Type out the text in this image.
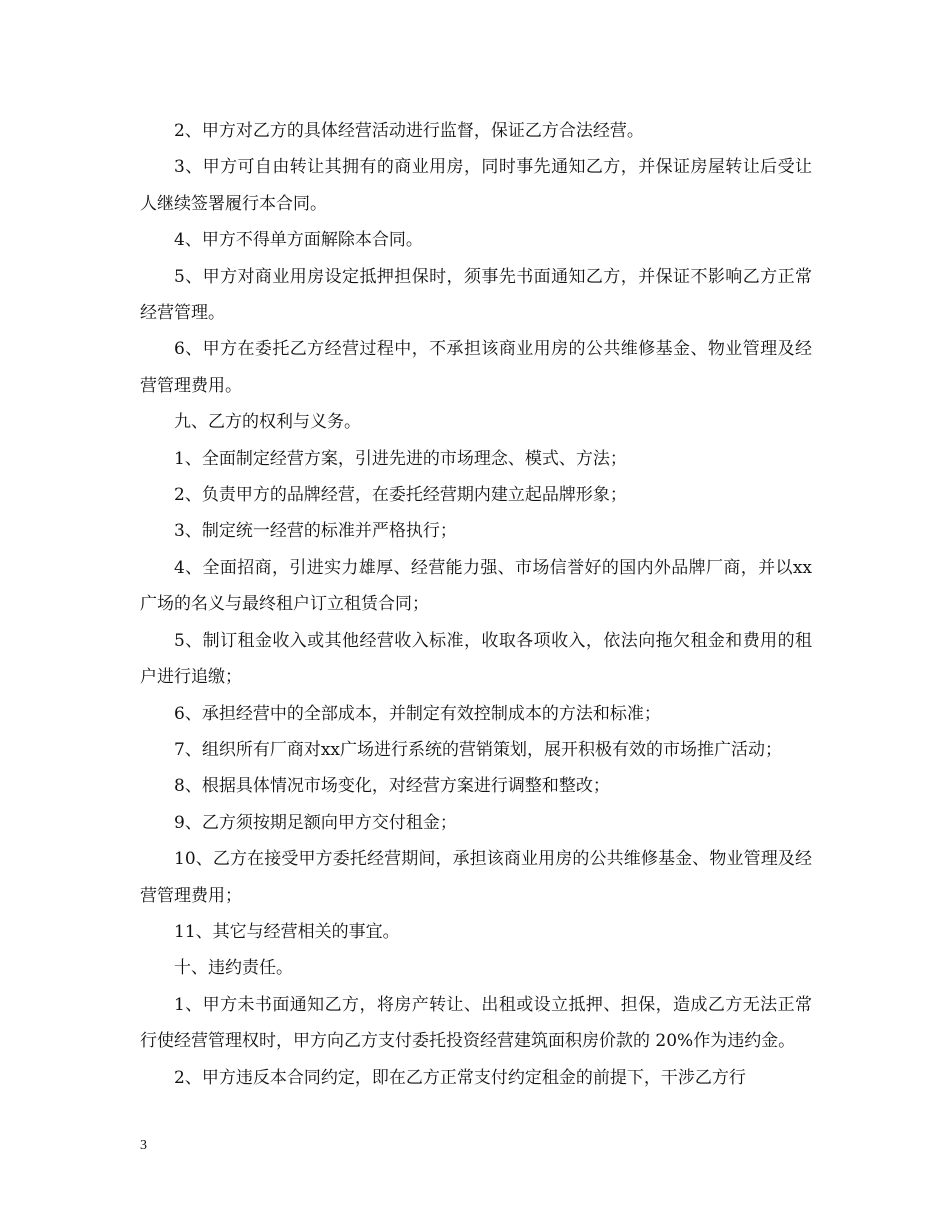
2、甲方对乙方的具体经营活动进行监督，保证乙方合法经营。

3、甲方可自由转让其拥有的商业用房，同时事先通知乙方，并保证房屋转让后受让人继续签署履行本合同。

4、甲方不得单方面解除本合同。

5、甲方对商业用房设定抵押担保时，须事先书面通知乙方，并保证不影响乙方正常经营管理。

6、甲方在委托乙方经营过程中，不承担该商业用房的公共维修基金、物业管理及经营管理费用。

九、乙方的权利与义务。

1、全面制定经营方案，引进先进的市场理念、模式、方法；

2、负责甲方的品牌经营，在委托经营期内建立起品牌形象；

3、制定统一经营的标准并严格执行；

4、全面招商，引进实力雄厚、经营能力强、市场信誉好的国内外品牌厂商，并以xx广场的名义与最终租户订立租赁合同；

5、制订租金收入或其他经营收入标准，收取各项收入，依法向拖欠租金和费用的租户进行追缴；

6、承担经营中的全部成本，并制定有效控制成本的方法和标准；

7、组织所有厂商对xx广场进行系统的营销策划，展开积极有效的市场推广活动；

8、根据具体情况市场变化，对经营方案进行调整和整改；

9、乙方须按期足额向甲方交付租金；

10、乙方在接受甲方委托经营期间，承担该商业用房的公共维修基金、物业管理及经营管理费用；

11、其它与经营相关的事宜。

十、违约责任。

1、甲方未书面通知乙方，将房产转让、出租或设立抵押、担保，造成乙方无法正常行使经营管理权时，甲方向乙方支付委托投资经营建筑面积房价款的 20%作为违约金。

2、甲方违反本合同约定，即在乙方正常支付约定租金的前提下，干涉乙方行

3
